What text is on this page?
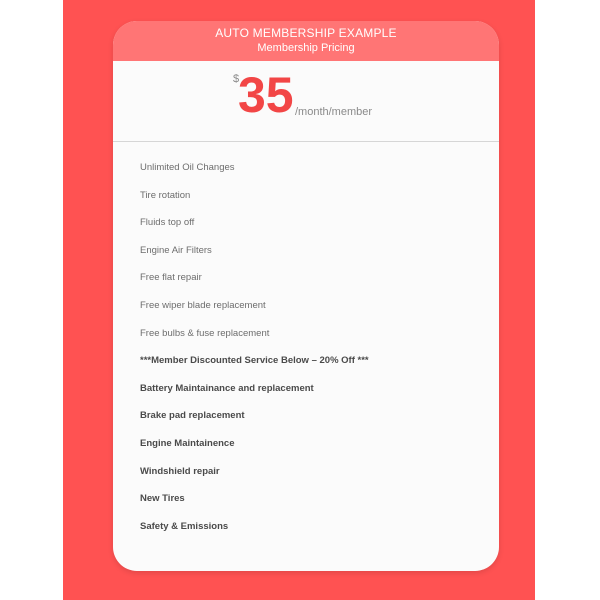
AUTO MEMBERSHIP EXAMPLE
Membership Pricing
$
35 /month/member
Unlimited Oil Changes
Tire rotation
Fluids top off
Engine Air Filters
Free flat repair
Free wiper blade replacement
Free bulbs & fuse replacement
***Member Discounted Service Below – 20% Off ***
Battery Maintainance and replacement
Brake pad replacement
Engine Maintainence
Windshield repair
New Tires
Safety & Emissions
